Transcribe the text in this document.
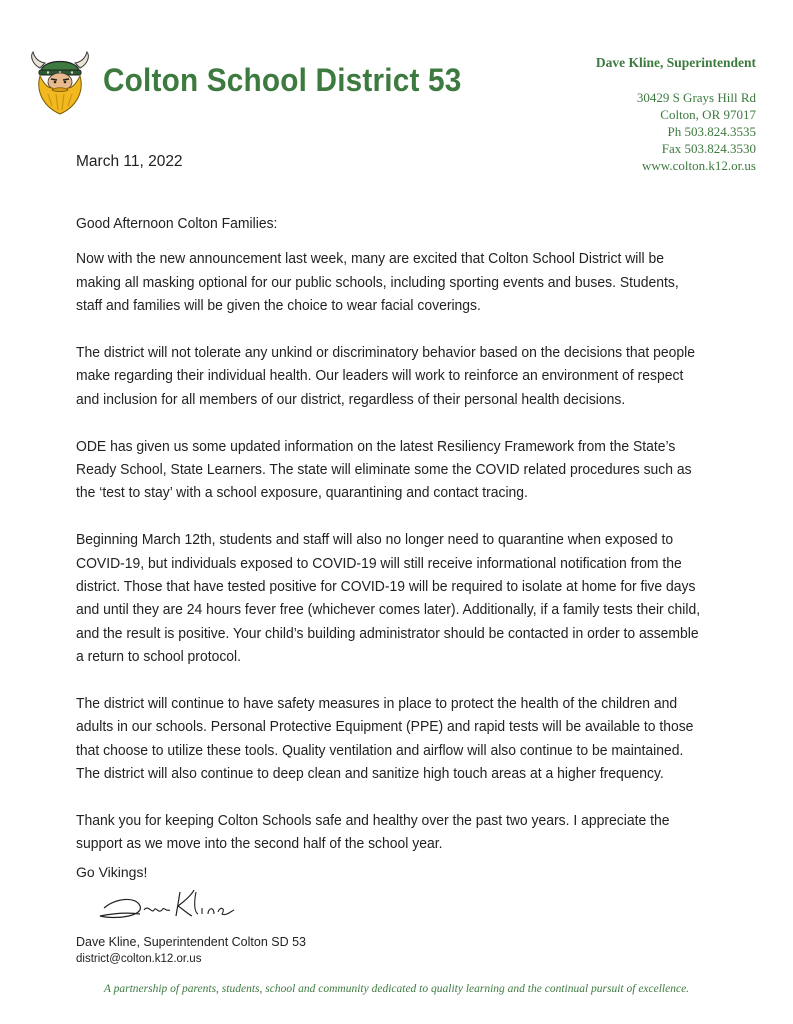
Colton School District 53	Dave Kline, Superintendent
30429 S Grays Hill Rd
Colton, OR 97017
Ph 503.824.3535
Fax 503.824.3530
www.colton.k12.or.us
March 11, 2022

Good Afternoon Colton Families:

Now with the new announcement last week, many are excited that Colton School District will be making all masking optional for our public schools, including sporting events and buses. Students, staff and families will be given the choice to wear facial coverings.

The district will not tolerate any unkind or discriminatory behavior based on the decisions that people make regarding their individual health. Our leaders will work to reinforce an environment of respect and inclusion for all members of our district, regardless of their personal health decisions.

ODE has given us some updated information on the latest Resiliency Framework from the State’s Ready School, State Learners. The state will eliminate some the COVID related procedures such as the ‘test to stay’ with a school exposure, quarantining and contact tracing.

Beginning March 12th, students and staff will also no longer need to quarantine when exposed to COVID-19, but individuals exposed to COVID-19 will still receive informational notification from the district. Those that have tested positive for COVID-19 will be required to isolate at home for five days and until they are 24 hours fever free (whichever comes later). Additionally, if a family tests their child, and the result is positive. Your child’s building administrator should be contacted in order to assemble a return to school protocol.

The district will continue to have safety measures in place to protect the health of the children and adults in our schools. Personal Protective Equipment (PPE) and rapid tests will be available to those that choose to utilize these tools. Quality ventilation and airflow will also continue to be maintained. The district will also continue to deep clean and sanitize high touch areas at a higher frequency.

Thank you for keeping Colton Schools safe and healthy over the past two years. I appreciate the support as we move into the second half of the school year.

Go Vikings!
Dave Kline, Superintendent Colton SD 53
district@colton.k12.or.us
A partnership of parents, students, school and community dedicated to quality learning and the continual pursuit of excellence.
